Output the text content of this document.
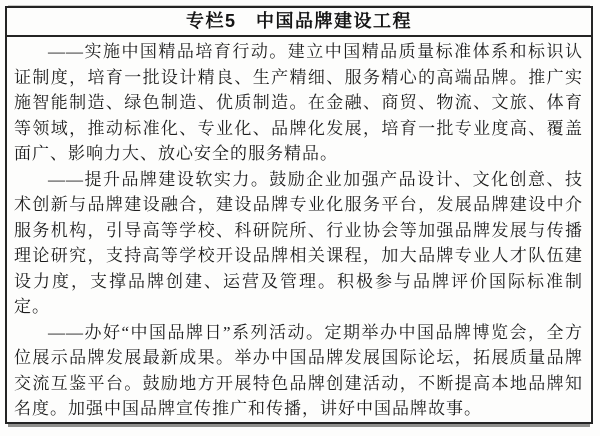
专栏5　中国品牌建设工程

——实施中国精品培育行动。建立中国精品质量标准体系和标识认证制度，培育一批设计精良、生产精细、服务精心的高端品牌。推广实施智能制造、绿色制造、优质制造。在金融、商贸、物流、文旅、体育等领域，推动标准化、专业化、品牌化发展，培育一批专业度高、覆盖面广、影响力大、放心安全的服务精品。

——提升品牌建设软实力。鼓励企业加强产品设计、文化创意、技术创新与品牌建设融合，建设品牌专业化服务平台，发展品牌建设中介服务机构，引导高等学校、科研院所、行业协会等加强品牌发展与传播理论研究，支持高等学校开设品牌相关课程，加大品牌专业人才队伍建设力度，支撑品牌创建、运营及管理。积极参与品牌评价国际标准制定。

——办好“中国品牌日”系列活动。定期举办中国品牌博览会，全方位展示品牌发展最新成果。举办中国品牌发展国际论坛，拓展质量品牌交流互鉴平台。鼓励地方开展特色品牌创建活动，不断提高本地品牌知名度。加强中国品牌宣传推广和传播，讲好中国品牌故事。
